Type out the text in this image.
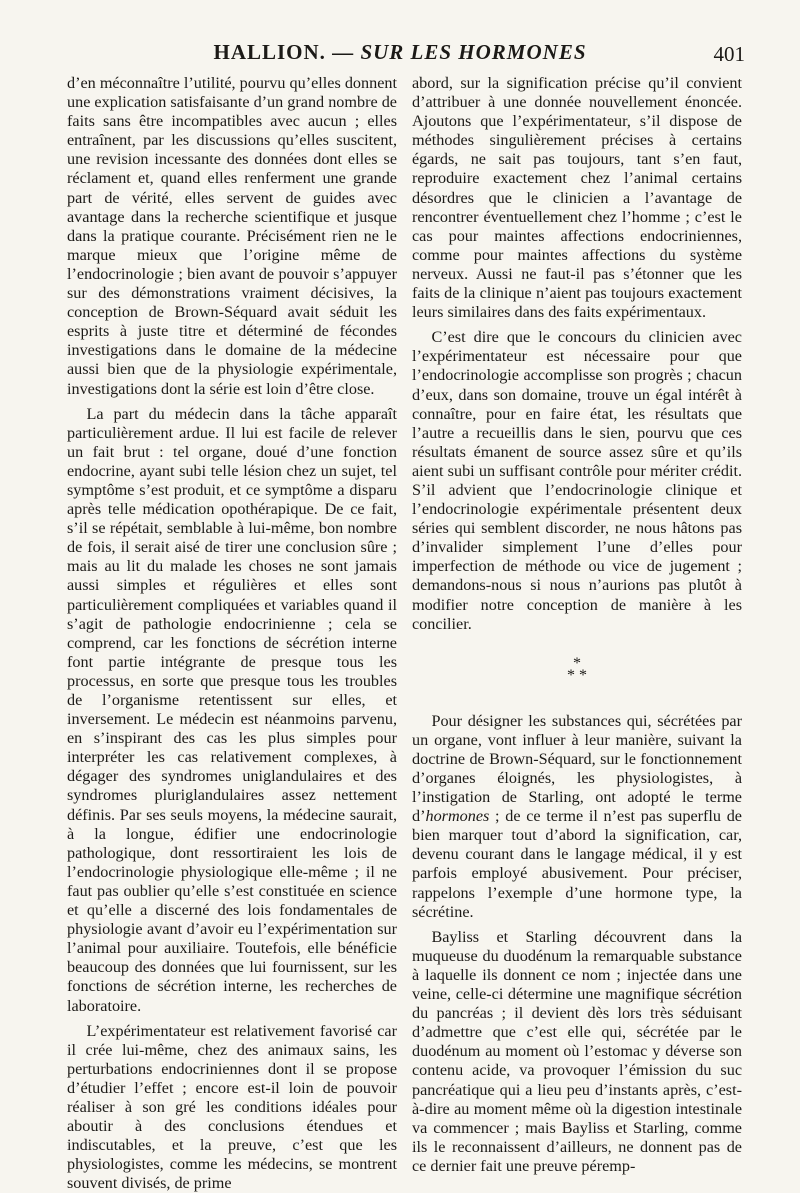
HALLION. — SUR LES HORMONES	401

d’en méconnaître l’utilité, pourvu qu’elles donnent une explication satisfaisante d’un grand nombre de faits sans être incompatibles avec aucun ; elles entraînent, par les discussions qu’elles suscitent, une revision incessante des données dont elles se réclament et, quand elles renferment une grande part de vérité, elles servent de guides avec avantage dans la recherche scientifique et jusque dans la pratique courante. Précisément rien ne le marque mieux que l’origine même de l’endocrinologie ; bien avant de pouvoir s’appuyer sur des démonstrations vraiment décisives, la conception de Brown-Séquard avait séduit les esprits à juste titre et déterminé de fécondes investigations dans le domaine de la médecine aussi bien que de la physiologie expérimentale, investigations dont la série est loin d’être close.

La part du médecin dans la tâche apparaît particulièrement ardue. Il lui est facile de relever un fait brut : tel organe, doué d’une fonction endocrine, ayant subi telle lésion chez un sujet, tel symptôme s’est produit, et ce symptôme a disparu après telle médication opothérapique. De ce fait, s’il se répétait, semblable à lui-même, bon nombre de fois, il serait aisé de tirer une conclusion sûre ; mais au lit du malade les choses ne sont jamais aussi simples et régulières et elles sont particulièrement compliquées et variables quand il s’agit de pathologie endocrinienne ; cela se comprend, car les fonctions de sécrétion interne font partie intégrante de presque tous les processus, en sorte que presque tous les troubles de l’organisme retentissent sur elles, et inversement. Le médecin est néanmoins parvenu, en s’inspirant des cas les plus simples pour interpréter les cas relativement complexes, à dégager des syndromes uniglandulaires et des syndromes pluriglandulaires assez nettement définis. Par ses seuls moyens, la médecine saurait, à la longue, édifier une endocrinologie pathologique, dont ressortiraient les lois de l’endocrinologie physiologique elle-même ; il ne faut pas oublier qu’elle s’est constituée en science et qu’elle a discerné des lois fondamentales de physiologie avant d’avoir eu l’expérimentation sur l’animal pour auxiliaire. Toutefois, elle bénéficie beaucoup des données que lui fournissent, sur les fonctions de sécrétion interne, les recherches de laboratoire.

L’expérimentateur est relativement favorisé car il crée lui-même, chez des animaux sains, les perturbations endocriniennes dont il se propose d’étudier l’effet ; encore est-il loin de pouvoir réaliser à son gré les conditions idéales pour aboutir à des conclusions étendues et indiscutables, et la preuve, c’est que les physiologistes, comme les médecins, se montrent souvent divisés, de prime

abord, sur la signification précise qu’il convient d’attribuer à une donnée nouvellement énoncée. Ajoutons que l’expérimentateur, s’il dispose de méthodes singulièrement précises à certains égards, ne sait pas toujours, tant s’en faut, reproduire exactement chez l’animal certains désordres que le clinicien a l’avantage de rencontrer éventuellement chez l’homme ; c’est le cas pour maintes affections endocriniennes, comme pour maintes affections du système nerveux. Aussi ne faut-il pas s’étonner que les faits de la clinique n’aient pas toujours exactement leurs similaires dans des faits expérimentaux.

C’est dire que le concours du clinicien avec l’expérimentateur est nécessaire pour que l’endocrinologie accomplisse son progrès ; chacun d’eux, dans son domaine, trouve un égal intérêt à connaître, pour en faire état, les résultats que l’autre a recueillis dans le sien, pourvu que ces résultats émanent de source assez sûre et qu’ils aient subi un suffisant contrôle pour mériter crédit. S’il advient que l’endocrinologie clinique et l’endocrinologie expérimentale présentent deux séries qui semblent discorder, ne nous hâtons pas d’invalider simplement l’une d’elles pour imperfection de méthode ou vice de jugement ; demandons-nous si nous n’aurions pas plutôt à modifier notre conception de manière à les concilier.

*
* *

Pour désigner les substances qui, sécrétées par un organe, vont influer à leur manière, suivant la doctrine de Brown-Séquard, sur le fonctionnement d’organes éloignés, les physiologistes, à l’instigation de Starling, ont adopté le terme d’hormones ; de ce terme il n’est pas superflu de bien marquer tout d’abord la signification, car, devenu courant dans le langage médical, il y est parfois employé abusivement. Pour préciser, rappelons l’exemple d’une hormone type, la sécrétine.

Bayliss et Starling découvrent dans la muqueuse du duodénum la remarquable substance à laquelle ils donnent ce nom ; injectée dans une veine, celle-ci détermine une magnifique sécrétion du pancréas ; il devient dès lors très séduisant d’admettre que c’est elle qui, sécrétée par le duodénum au moment où l’estomac y déverse son contenu acide, va provoquer l’émission du suc pancréatique qui a lieu peu d’instants après, c’est-à-dire au moment même où la digestion intestinale va commencer ; mais Bayliss et Starling, comme ils le reconnaissent d’ailleurs, ne donnent pas de ce dernier fait une preuve péremp-
